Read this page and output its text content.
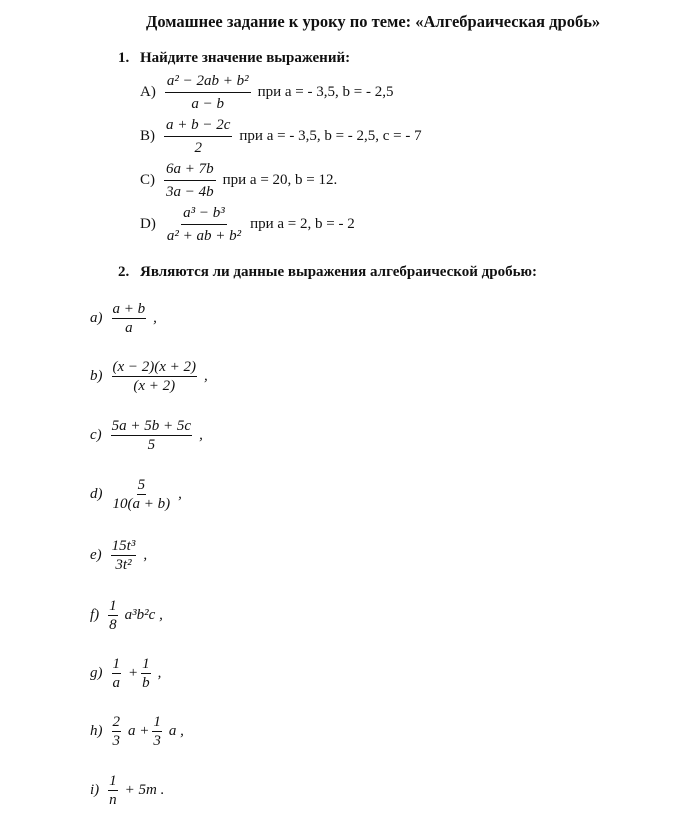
Домашнее задание к уроку по теме: «Алгебраическая дробь»
1. Найдите значение выражений:
$A) \frac{\text{a² − 2ab + b²}}{a - b}$ при a = - 3,5, b = - 2,5
$B) \frac{a + b - 2c}{2}$ при a = - 3,5, b = - 2,5, c = - 7
$C) \frac{6a + 7b}{3a - 4b}$ при a = 20, b = 12.
$D) \frac{\text{a³ − b³}}{\text{a² + ab + b²}}$ при a = 2, b = - 2
2. Являются ли данные выражения алгебраической дробью:
$a) \frac{a + b}{a}$ ,
$b) \frac{(x - 2)(x + 2)}{(x + 2)}$ ,
$c) \frac{5a + 5b + 5c}{5}$ ,
$d) \frac{5}{10(a + b)}$ ,
$e) \frac{\text{15t³}}{\text{3t²}}$ ,
$f) \frac{1}{8} a^3b^2c$ ,
$g) \frac{1}{a} + \frac{1}{b}$ ,
$h) \frac{2}{3}$ $a + \frac{1}{3}$ a ,
$i) \frac{1}{n} + 5m$ .
